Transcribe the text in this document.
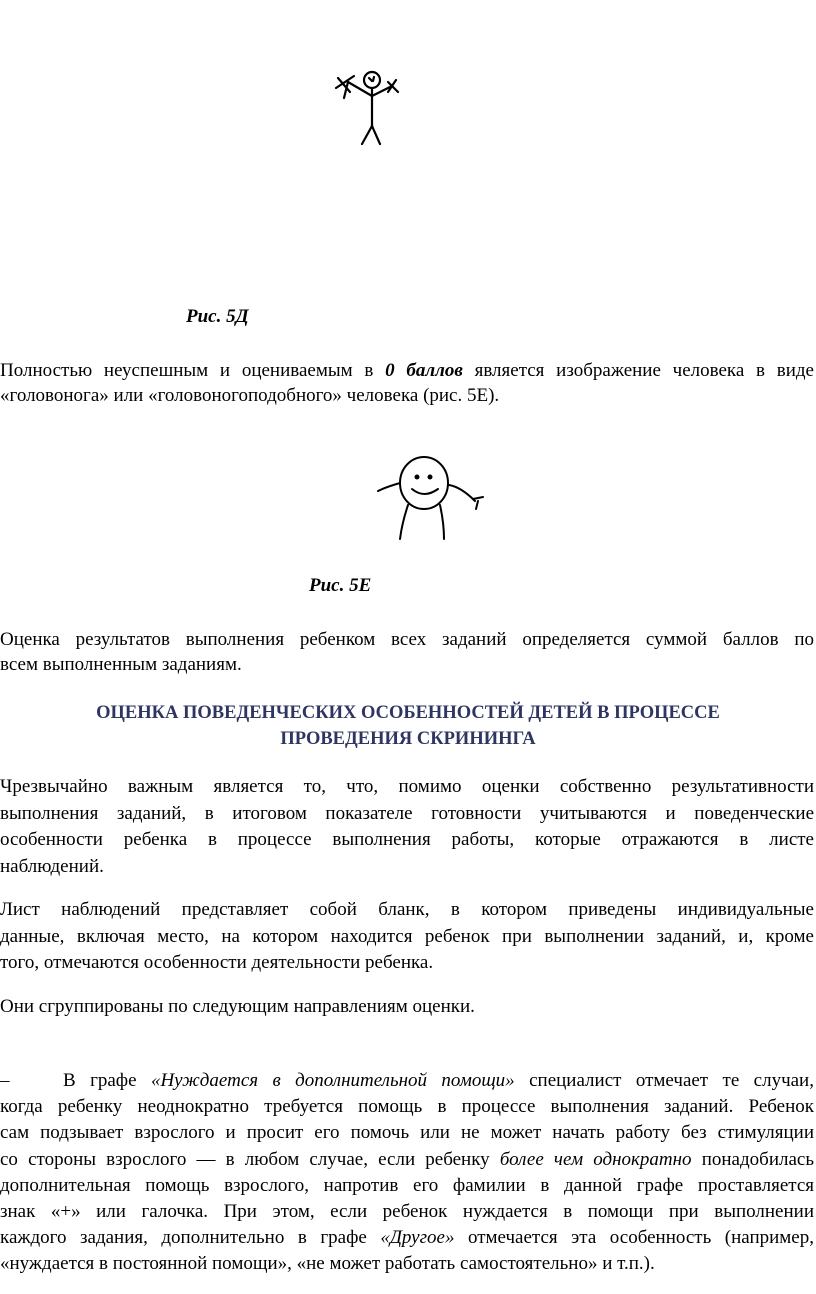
Рис. 5Д
Полностью неуспешным и оцениваемым в 0 баллов является изображение человека в виде
«головонога» или «головоногоподобного» человека (рис. 5Е).
Рис. 5Е
Оценка результатов выполнения ребенком всех заданий определяется суммой баллов по
всем выполненным заданиям.
ОЦЕНКА ПОВЕДЕНЧЕСКИХ ОСОБЕННОСТЕЙ ДЕТЕЙ В ПРОЦЕССЕ
ПРОВЕДЕНИЯ СКРИНИНГА
Чрезвычайно важным является то, что, помимо оценки собственно результативности
выполнения заданий, в итоговом показателе готовности учитываются и поведенческие
особенности ребенка в процессе выполнения работы, которые отражаются в листе
наблюдений.
Лист наблюдений представляет собой бланк, в котором приведены индивидуальные
данные, включая место, на котором находится ребенок при выполнении заданий, и, кроме
того, отмечаются особенности деятельности ребенка.
Они сгруппированы по следующим направлениям оценки.
–	В графе «Нуждается в дополнительной помощи» специалист отмечает те случаи,
когда ребенку неоднократно требуется помощь в процессе выполнения заданий. Ребенок
сам подзывает взрослого и просит его помочь или не может начать работу без стимуляции
со стороны взрослого — в любом случае, если ребенку более чем однократно понадобилась
дополнительная помощь взрослого, напротив его фамилии в данной графе проставляется
знак «+» или галочка. При этом, если ребенок нуждается в помощи при выполнении
каждого задания, дополнительно в графе «Другое» отмечается эта особенность (например,
«нуждается в постоянной помощи», «не может работать самостоятельно» и т.п.).
